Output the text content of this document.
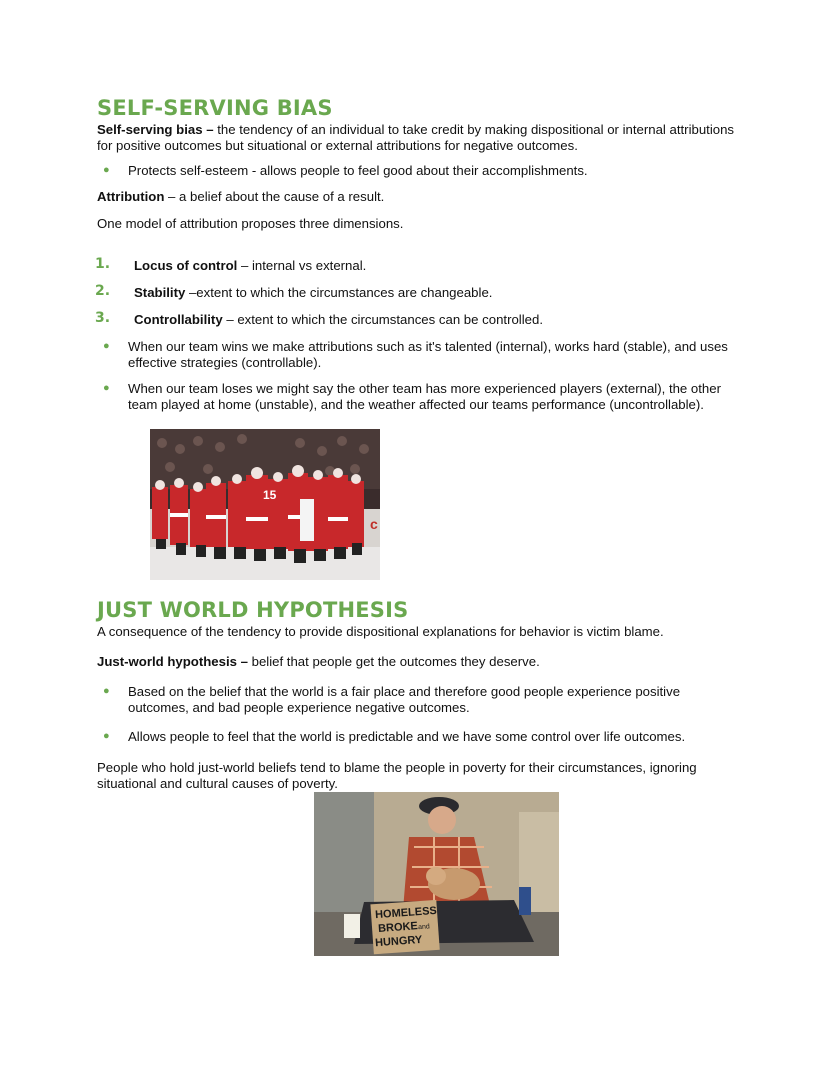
SELF-SERVING BIAS

Self-serving bias – the tendency of an individual to take credit by making dispositional or internal attributions for positive outcomes but situational or external attributions for negative outcomes.

● Protects self-esteem - allows people to feel good about their accomplishments.

Attribution – a belief about the cause of a result.

One model of attribution proposes three dimensions.

1. Locus of control – internal vs external.
2. Stability –extent to which the circumstances are changeable.
3. Controllability – extent to which the circumstances can be controlled.
● When our team wins we make attributions such as it's talented (internal), works hard (stable), and uses effective strategies (controllable).
● When our team loses we might say the other team has more experienced players (external), the other team played at home (unstable), and the weather affected our teams performance (uncontrollable).
c
15
JUST WORLD HYPOTHESIS

A consequence of the tendency to provide dispositional explanations for behavior is victim blame.

Just-world hypothesis – belief that people get the outcomes they deserve.

● Based on the belief that the world is a fair place and therefore good people experience positive outcomes, and bad people experience negative outcomes.
● Allows people to feel that the world is predictable and we have some control over life outcomes.

People who hold just-world beliefs tend to blame the people in poverty for their circumstances, ignoring situational and cultural causes of poverty.

HOMELESS
BROKE and
HUNGRY
